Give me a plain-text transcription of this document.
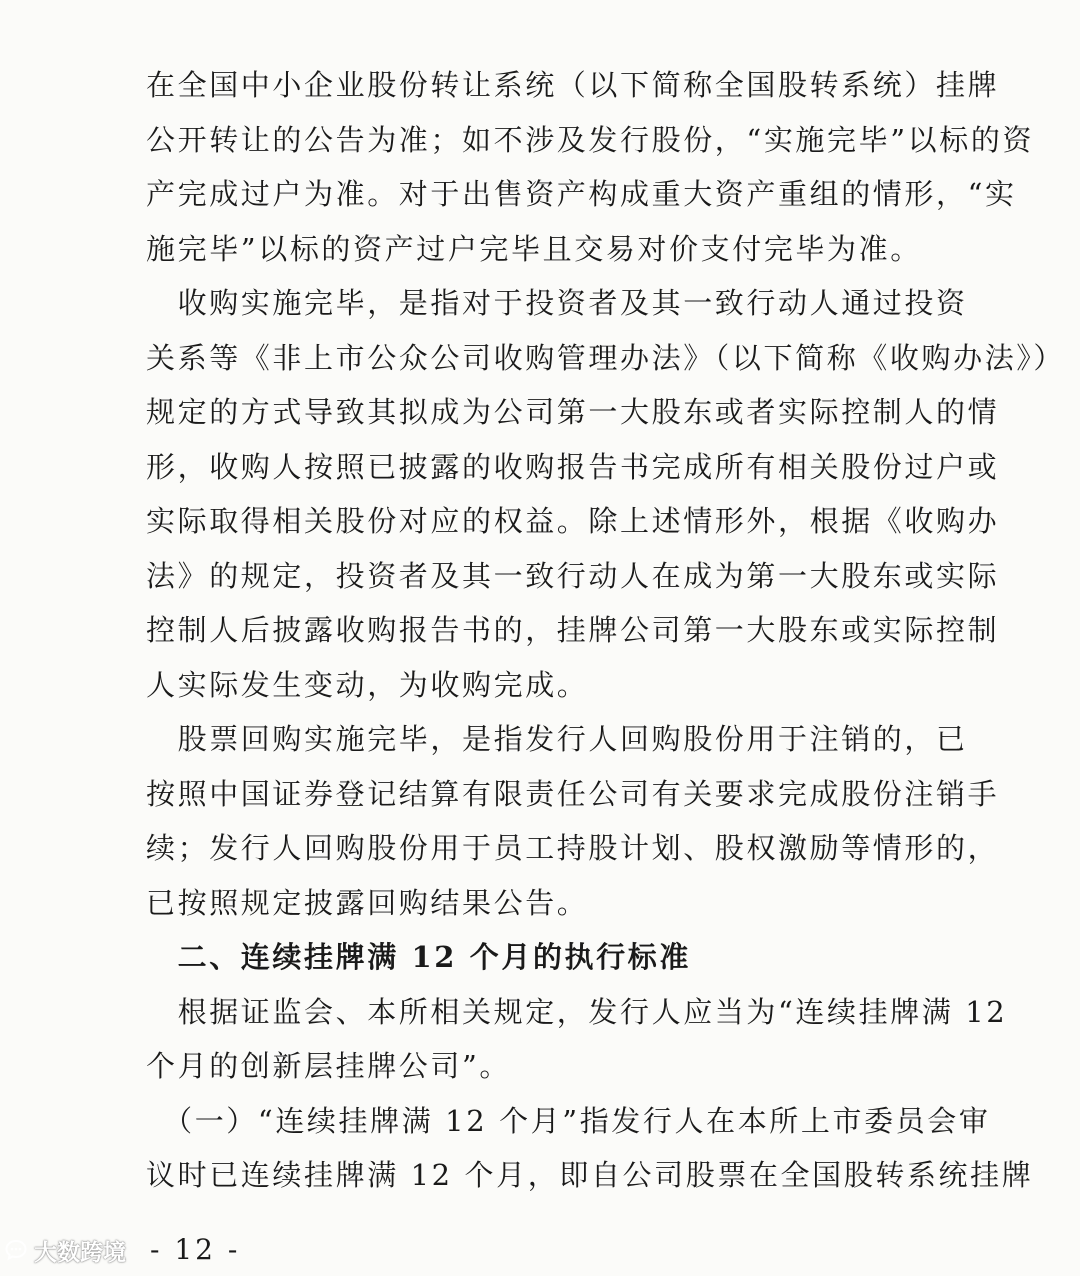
在全国中小企业股份转让系统（以下简称全国股转系统）挂牌
公开转让的公告为准；如不涉及发行股份，“实施完毕”以标的资
产完成过户为准。对于出售资产构成重大资产重组的情形，“实
施完毕”以标的资产过户完毕且交易对价支付完毕为准。
　收购实施完毕，是指对于投资者及其一致行动人通过投资
关系等《非上市公众公司收购管理办法》（以下简称《收购办法》）
规定的方式导致其拟成为公司第一大股东或者实际控制人的情
形，收购人按照已披露的收购报告书完成所有相关股份过户或
实际取得相关股份对应的权益。除上述情形外，根据《收购办
法》的规定，投资者及其一致行动人在成为第一大股东或实际
控制人后披露收购报告书的，挂牌公司第一大股东或实际控制
人实际发生变动，为收购完成。
　股票回购实施完毕，是指发行人回购股份用于注销的，已
按照中国证券登记结算有限责任公司有关要求完成股份注销手
续；发行人回购股份用于员工持股计划、股权激励等情形的，
已按照规定披露回购结果公告。
　二、连续挂牌满 12 个月的执行标准
　根据证监会、本所相关规定，发行人应当为“连续挂牌满 12
个月的创新层挂牌公司”。
　（一）“连续挂牌满 12 个月”指发行人在本所上市委员会审
议时已连续挂牌满 12 个月，即自公司股票在全国股转系统挂牌
大数跨境 - 12 -
